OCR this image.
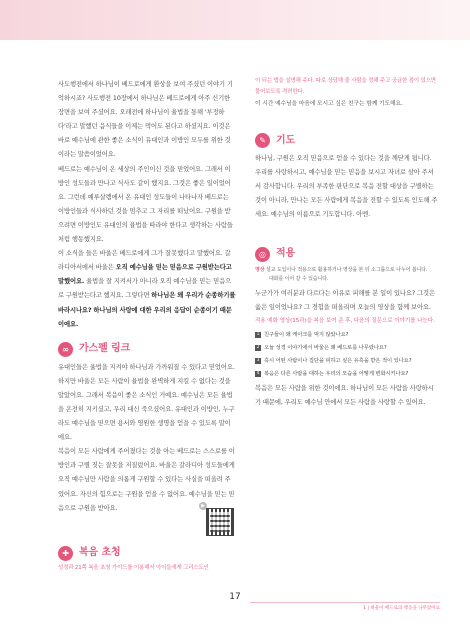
사도행전에서 하나님이 베드로에게 환상을 보여 주셨던 이야기 기억하시죠? 사도행전 10장에서 하나님은 베드로에게 아주 신기한 장면을 보여 주셨어요. 오래전에 하나님이 율법을 통해 '부정하다'라고 말했던 음식들을 이제는 먹어도 된다고 하셨지요. 이것은 바로 예수님에 관한 좋은 소식이 유대인과 이방인 모두를 위한 것이라는 말씀이었어요.

베드로는 예수님이 온 세상의 주인이신 것을 믿었어요. 그래서 이방인 성도들과 만나고 식사도 같이 했지요. 그것은 좋은 일이었어요. 그런데 예루살렘에서 온 유대인 성도들이 나타나자 베드로는 이방인들과 식사하던 것을 멈추고 그 자리를 떠났어요. 구원을 받으려면 이방인도 유대인의 율법을 따라야 한다고 생각하는 사람들처럼 행동했지요.

이 소식을 들은 바울은 베드로에게 그가 잘못했다고 말했어요. 갈라디아서에서 바울은 오직 예수님을 믿는 믿음으로 구원받는다고 말했어요. 율법을 잘 지켜서가 아니라 오직 예수님을 믿는 믿음으로 구원받는다고 했지요. 그렇다면 하나님은 왜 우리가 순종하기를 바라시나요? 하나님의 사랑에 대한 우리의 응답이 순종이기 때문이에요.

∞	가스펠 링크

유대인들은 율법을 지켜야 하나님과 가까워질 수 있다고 믿었어요. 하지만 바울은 모든 사람이 율법을 완벽하게 지킬 수 없다는 것을 알았어요. 그래서 복음이 좋은 소식인 거예요. 예수님은 모든 율법을 온전히 지키셨고, 우리 대신 죽으셨어요. 유대인과 이방인, 누구라도 예수님을 믿으면 용서와 영원한 생명을 얻을 수 있도록 말이에요.

복음이 모든 사람에게 주어졌다는 것을 아는 베드로는 스스로를 이방인과 구별 짓는 잘못을 저질렀어요. 바울은 갈라디아 성도들에게 오직 예수님만 사람을 의롭게 구원할 수 있다는 사실을 떠올려 주었어요. 자신의 힘으로는 구원을 얻을 수 없어요. 예수님을 믿는 믿음으로 구원을 받아요.

✚	복음 초청

성경과 21쪽 복음 초청 가이드를 이용해서 아이들에게 그리스도인

▶

이 되는 법을 설명해 주다. 따로 상담해 줄 사람을 정해 주고 궁금한 점이 있으면 물어보도록 격려한다.

이 시간 예수님을 마음에 모시고 싶은 친구는 함께 기도해요.

✎	기도

하나님, 구원은 오직 믿음으로 얻을 수 있다는 것을 깨닫게 됩니다. 우리를 사랑하시고, 예수님을 믿는 믿음을 보시고 자녀로 삼아 주셔서 감사합니다. 우리의 부족한 판단으로 복음 전할 대상을 구별하는 것이 아니라, 만나는 모든 사람에게 복음을 전할 수 있도록 인도해 주세요. 예수님의 이름으로 기도합니다. 아멘.

◎	적용

영상 설교 도입이나 적용으로 활용하거나 영상을 본 뒤 소그룹으로 나누어 봅니다.

대화를 이어 갈 수 있습니다.

누군가가 여러분과 다르다는 이유로 피해를 본 일이 있나요? 그것은 옳은 일이었나요? 그 경험을 떠올리며 오늘의 영상을 함께 보아요.

적용 예화 영상(15과)을 복음 보여 준 후, 다음의 질문으로 이야기를 나눈다.

1 친구들이 왜 케이크를 먹지 않았나요?
2 오늘 성경 이야기에서 바울은 왜 베드로를 나무랐나요?
3 혹시 어떤 사람이나 집단을 피하고 싶은 유혹을 받은 적이 있나요?
4 복음은 다른 사람을 대하는 우리의 모습을 어떻게 변화시키나요?

복음은 모든 사람을 위한 것이에요. 하나님이 모든 사람을 사랑하시기 때문에, 우리도 예수님 안에서 모든 사람을 사랑할 수 있어요.

17
1 | 바울이 베드로의 행동을 나무랐어요
